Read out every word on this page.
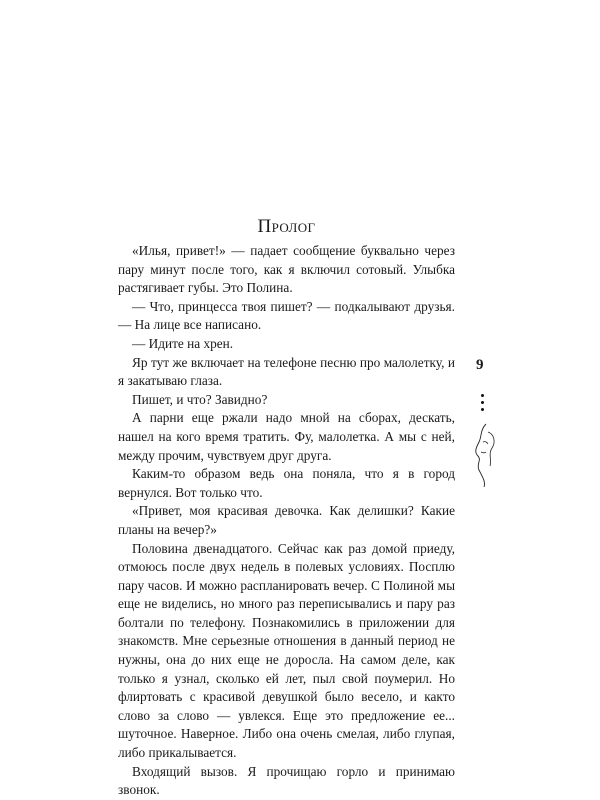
Пролог

«Илья, привет!» — падает сообщение буквально через пару минут после того, как я включил сотовый. Улыбка растягивает губы. Это Полина.

— Что, принцесса твоя пишет? — подкалывают друзья. — На лице все написано.

— Идите на хрен.

Яр тут же включает на телефоне песню про малолетку, и я закатываю глаза.

Пишет, и что? Завидно?

А парни еще ржали надо мной на сборах, дескать, нашел на кого время тратить. Фу, малолетка. А мы с ней, между прочим, чувствуем друг друга.

Каким-то образом ведь она поняла, что я в город вернулся. Вот только что.

«Привет, моя красивая девочка. Как делишки? Какие планы на вечер?»

Половина двенадцатого. Сейчас как раз домой приеду, отмоюсь после двух недель в полевых условиях. Посплю пару часов. И можно распланировать вечер. С Полиной мы еще не виделись, но много раз переписывались и пару раз болтали по телефону. Познакомились в приложении для знакомств. Мне серьезные отношения в данный период не нужны, она до них еще не доросла. На самом деле, как только я узнал, сколько ей лет, пыл свой поумерил. Но флиртовать с красивой девушкой было весело, и както слово за слово — увлекся. Еще это предложение ее... шуточное. Наверное. Либо она очень смелая, либо глупая, либо прикалывается.

Входящий вызов. Я прочищаю горло и принимаю звонок.

9
